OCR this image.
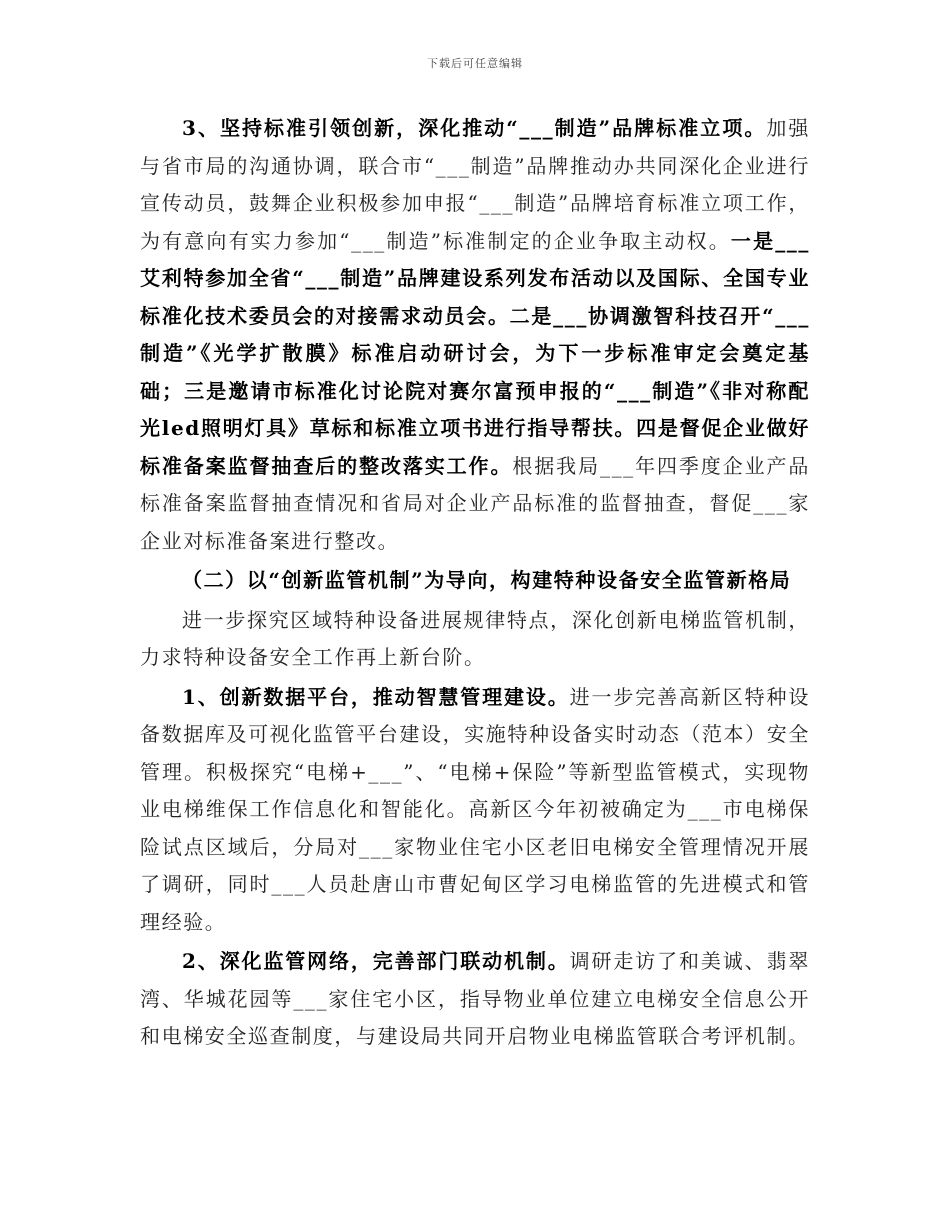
下载后可任意编辑

3、坚持标准引领创新，深化推动“___制造”品牌标准立项。加强与省市局的沟通协调，联合市“___制造”品牌推动办共同深化企业进行宣传动员，鼓舞企业积极参加申报“___制造”品牌培育标准立项工作，为有意向有实力参加“___制造”标准制定的企业争取主动权。一是___艾利特参加全省“___制造”品牌建设系列发布活动以及国际、全国专业标准化技术委员会的对接需求动员会。二是___协调激智科技召开“___制造”《光学扩散膜》标准启动研讨会，为下一步标准审定会奠定基础；三是邀请市标准化讨论院对赛尔富预申报的“___制造”《非对称配光led照明灯具》草标和标准立项书进行指导帮扶。四是督促企业做好标准备案监督抽查后的整改落实工作。根据我局___年四季度企业产品标准备案监督抽查情况和省局对企业产品标准的监督抽查，督促___家企业对标准备案进行整改。

（二）以“创新监管机制”为导向，构建特种设备安全监管新格局

进一步探究区域特种设备进展规律特点，深化创新电梯监管机制，力求特种设备安全工作再上新台阶。

1、创新数据平台，推动智慧管理建设。进一步完善高新区特种设备数据库及可视化监管平台建设，实施特种设备实时动态（范本）安全管理。积极探究“电梯+___”、“电梯+保险”等新型监管模式，实现物业电梯维保工作信息化和智能化。高新区今年初被确定为___市电梯保险试点区域后，分局对___家物业住宅小区老旧电梯安全管理情况开展了调研，同时___人员赴唐山市曹妃甸区学习电梯监管的先进模式和管理经验。

2、深化监管网络，完善部门联动机制。调研走访了和美诚、翡翠湾、华城花园等___家住宅小区，指导物业单位建立电梯安全信息公开和电梯安全巡查制度，与建设局共同开启物业电梯监管联合考评机制。
